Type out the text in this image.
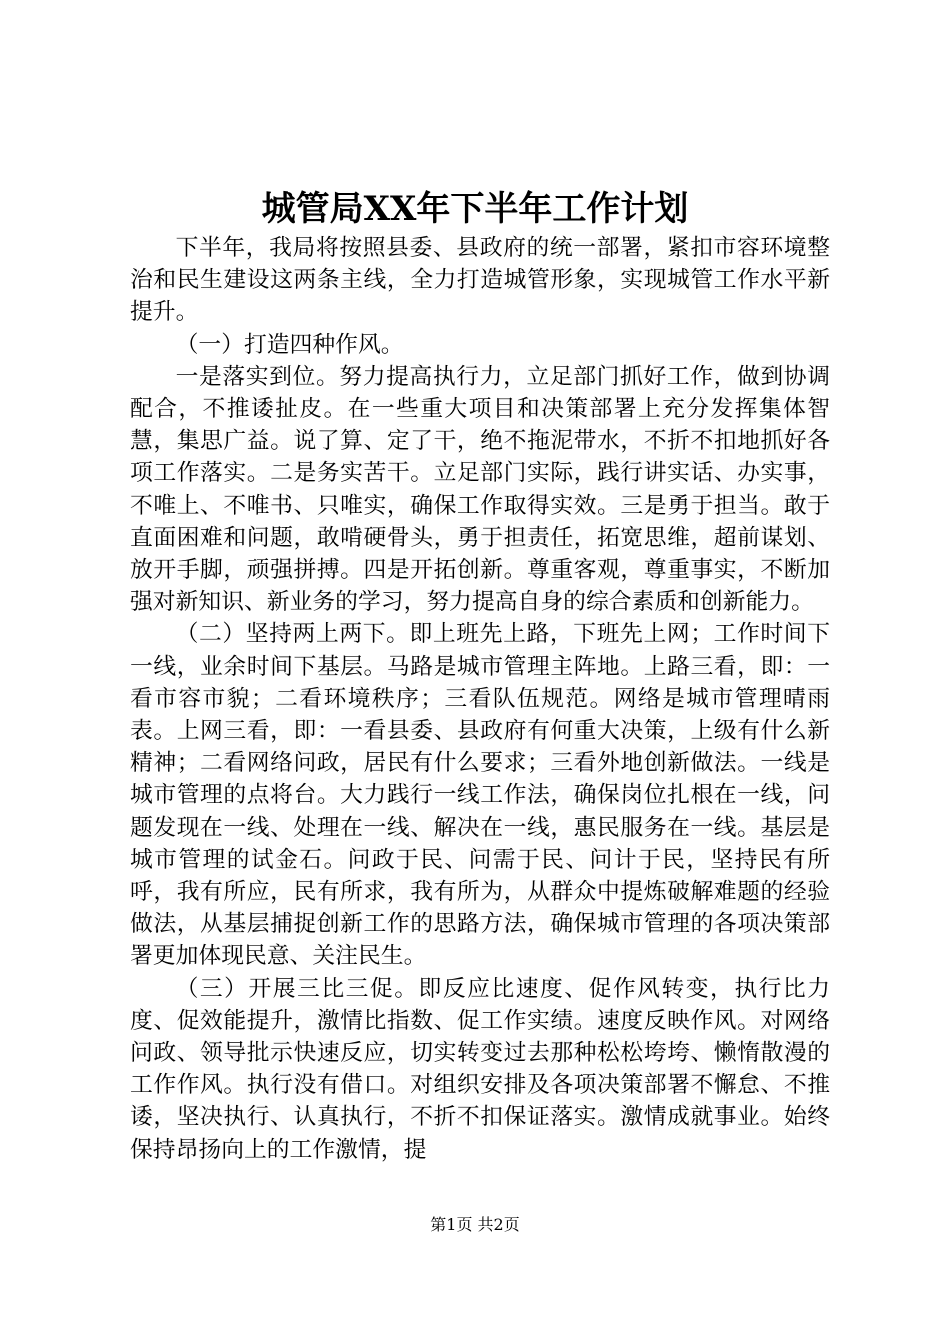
城管局XX年下半年工作计划

下半年，我局将按照县委、县政府的统一部署，紧扣市容环境整治和民生建设这两条主线，全力打造城管形象，实现城管工作水平新提升。

（一）打造四种作风。

一是落实到位。努力提高执行力，立足部门抓好工作，做到协调配合，不推诿扯皮。在一些重大项目和决策部署上充分发挥集体智慧，集思广益。说了算、定了干，绝不拖泥带水，不折不扣地抓好各项工作落实。二是务实苦干。立足部门实际，践行讲实话、办实事，不唯上、不唯书、只唯实，确保工作取得实效。三是勇于担当。敢于直面困难和问题，敢啃硬骨头，勇于担责任，拓宽思维，超前谋划、放开手脚，顽强拼搏。四是开拓创新。尊重客观，尊重事实，不断加强对新知识、新业务的学习，努力提高自身的综合素质和创新能力。

（二）坚持两上两下。即上班先上路，下班先上网；工作时间下一线，业余时间下基层。马路是城市管理主阵地。上路三看，即：一看市容市貌；二看环境秩序；三看队伍规范。网络是城市管理晴雨表。上网三看，即：一看县委、县政府有何重大决策，上级有什么新精神；二看网络问政，居民有什么要求；三看外地创新做法。一线是城市管理的点将台。大力践行一线工作法，确保岗位扎根在一线，问题发现在一线、处理在一线、解决在一线，惠民服务在一线。基层是城市管理的试金石。问政于民、问需于民、问计于民，坚持民有所呼，我有所应，民有所求，我有所为，从群众中提炼破解难题的经验做法，从基层捕捉创新工作的思路方法，确保城市管理的各项决策部署更加体现民意、关注民生。

（三）开展三比三促。即反应比速度、促作风转变，执行比力度、促效能提升，激情比指数、促工作实绩。速度反映作风。对网络问政、领导批示快速反应，切实转变过去那种松松垮垮、懒惰散漫的工作作风。执行没有借口。对组织安排及各项决策部署不懈怠、不推诿，坚决执行、认真执行，不折不扣保证落实。激情成就事业。始终保持昂扬向上的工作激情，提

第1页 共2页
